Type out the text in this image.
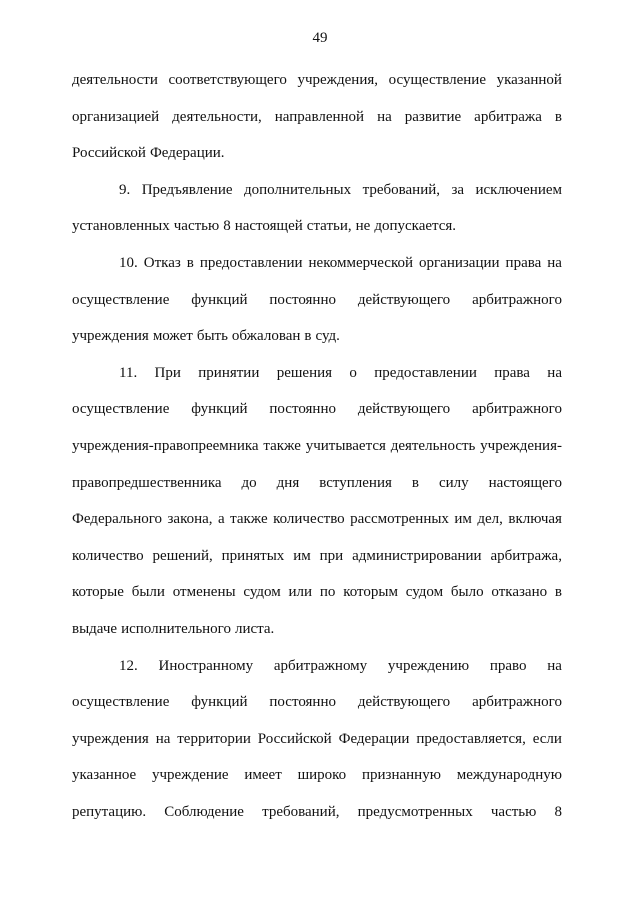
49
деятельности соответствующего учреждения, осуществление указанной
организацией деятельности, направленной на развитие арбитража в
Российской Федерации.
9. Предъявление дополнительных требований, за исключением
установленных частью 8 настоящей статьи, не допускается.
10. Отказ в предоставлении некоммерческой организации права на
осуществление функций постоянно действующего арбитражного
учреждения может быть обжалован в суд.
11. При принятии решения о предоставлении права на
осуществление функций постоянно действующего арбитражного
учреждения-правопреемника также учитывается деятельность учреждения-
правопредшественника до дня вступления в силу настоящего
Федерального закона, а также количество рассмотренных им дел, включая
количество решений, принятых им при администрировании арбитража,
которые были отменены судом или по которым судом было отказано в
выдаче исполнительного листа.
12. Иностранному арбитражному учреждению право на
осуществление функций постоянно действующего арбитражного
учреждения на территории Российской Федерации предоставляется, если
указанное учреждение имеет широко признанную международную
репутацию. Соблюдение требований, предусмотренных частью 8
